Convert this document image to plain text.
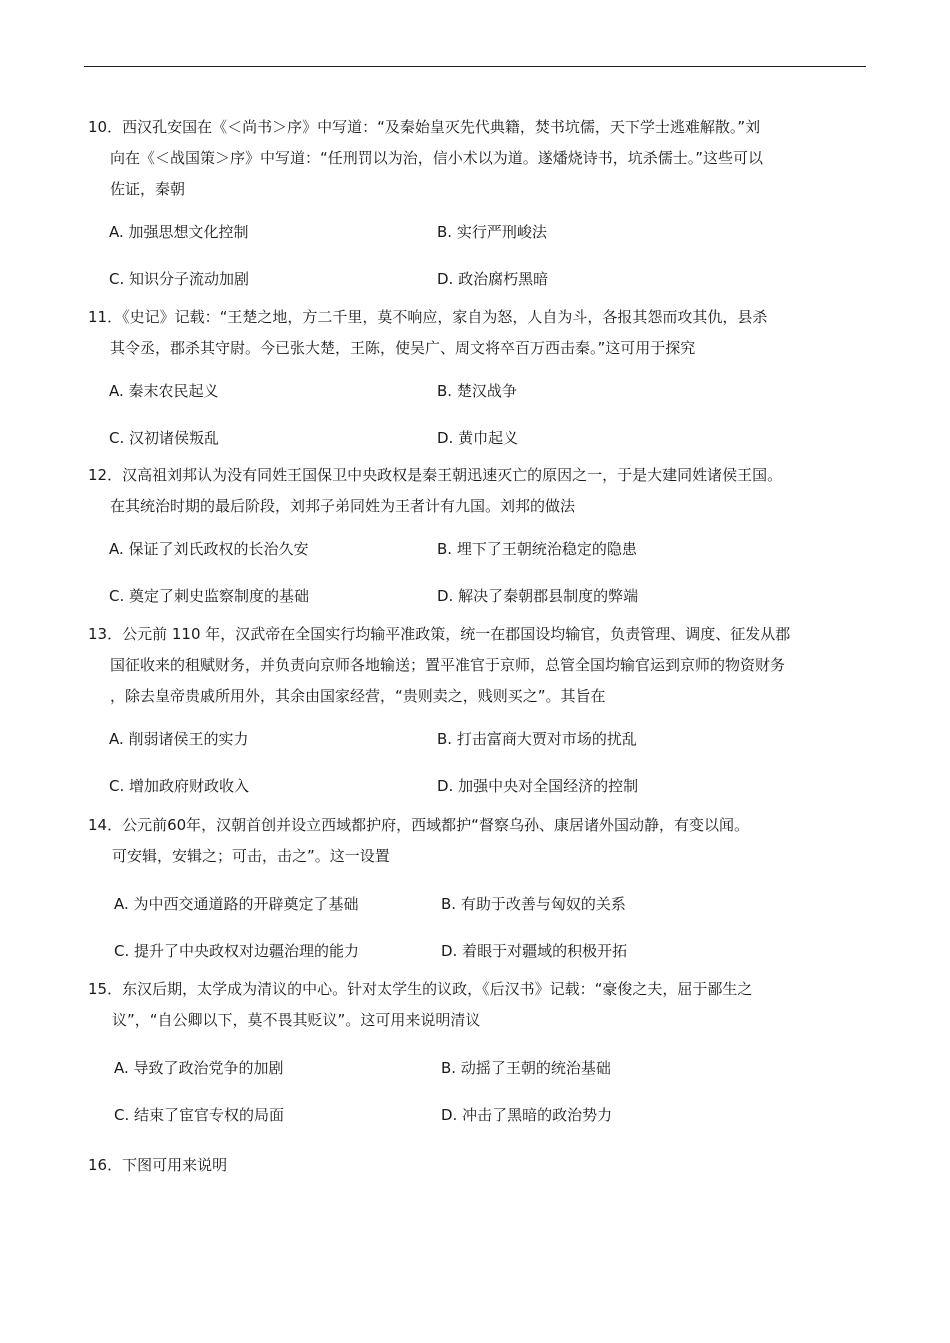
10．西汉孔安国在《＜尚书＞序》中写道：“及秦始皇灭先代典籍，焚书坑儒，天下学士逃难解散。”刘
向在《＜战国策＞序》中写道：“任刑罚以为治，信小术以为道。遂燔烧诗书，坑杀儒士。”这些可以
佐证，秦朝

A. 加强思想文化控制	B. 实行严刑峻法
C. 知识分子流动加剧	D. 政治腐朽黑暗

11．《史记》记载：“王楚之地，方二千里，莫不响应，家自为怒，人自为斗，各报其怨而攻其仇，县杀
其令丞，郡杀其守尉。今已张大楚，王陈，使吴广、周文将卒百万西击秦。”这可用于探究

A. 秦末农民起义	B. 楚汉战争
C. 汉初诸侯叛乱	D. 黄巾起义

12．汉高祖刘邦认为没有同姓王国保卫中央政权是秦王朝迅速灭亡的原因之一，于是大建同姓诸侯王国。
在其统治时期的最后阶段，刘邦子弟同姓为王者计有九国。刘邦的做法

A. 保证了刘氏政权的长治久安	B. 埋下了王朝统治稳定的隐患
C. 奠定了刺史监察制度的基础	D. 解决了秦朝郡县制度的弊端

13．公元前 110 年，汉武帝在全国实行均输平准政策，统一在郡国设均输官，负责管理、调度、征发从郡
国征收来的租赋财务，并负责向京师各地输送；置平准官于京师，总管全国均输官运到京师的物资财务
，除去皇帝贵戚所用外，其余由国家经营，“贵则卖之，贱则买之”。其旨在

A. 削弱诸侯王的实力	B. 打击富商大贾对市场的扰乱
C. 增加政府财政收入	D. 加强中央对全国经济的控制

14．公元前60年，汉朝首创并设立西域都护府，西域都护“督察乌孙、康居诸外国动静，有变以闻。
可安辑，安辑之；可击，击之”。这一设置

A. 为中西交通道路的开辟奠定了基础	B. 有助于改善与匈奴的关系
C. 提升了中央政权对边疆治理的能力	D. 着眼于对疆域的积极开拓

15．东汉后期，太学成为清议的中心。针对太学生的议政，《后汉书》记载：“豪俊之夫，屈于鄙生之
议”，“自公卿以下，莫不畏其贬议”。这可用来说明清议

A. 导致了政治党争的加剧	B. 动摇了王朝的统治基础
C. 结束了宦官专权的局面	D. 冲击了黑暗的政治势力

16．下图可用来说明
